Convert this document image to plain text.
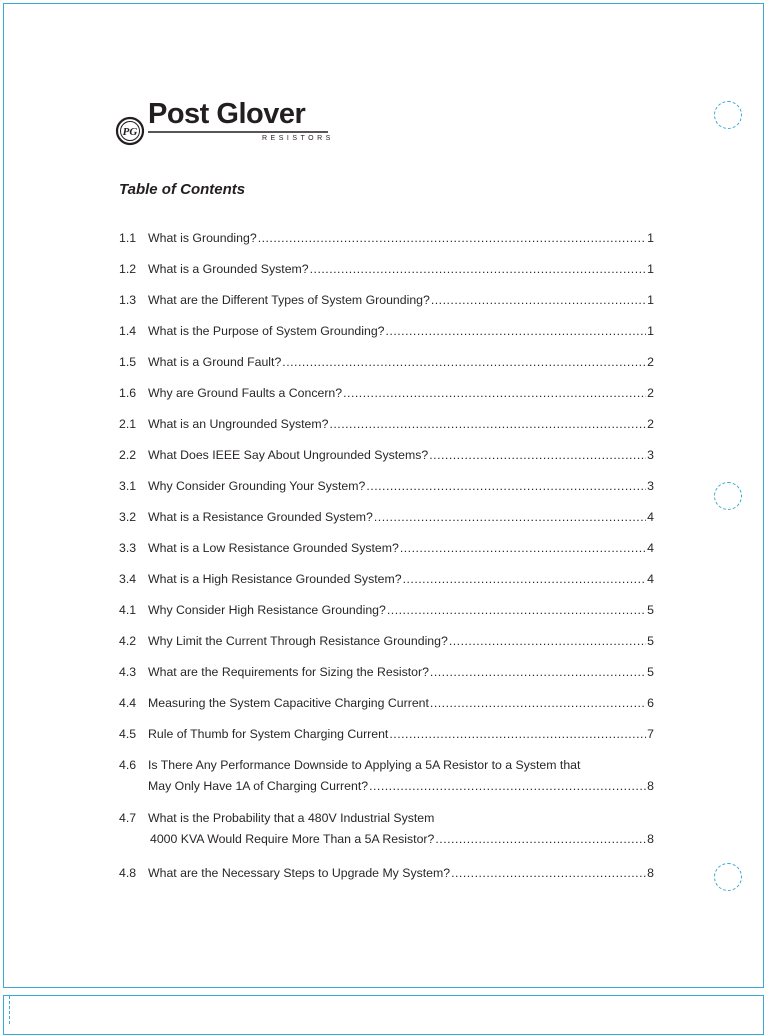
PG
Post Glover
RESISTORS
Table of Contents
1.1 What is Grounding? .....	1
1.2 What is a Grounded System? .....	1
1.3 What are the Different Types of System Grounding? .....	1
1.4 What is the Purpose of System Grounding? .....	1
1.5 What is a Ground Fault? .....	2
1.6 Why are Ground Faults a Concern? .....	2
2.1 What is an Ungrounded System? .....	2
2.2 What Does IEEE Say About Ungrounded Systems? .....	3
3.1 Why Consider Grounding Your System? .....	3
3.2 What is a Resistance Grounded System? .....	4
3.3 What is a Low Resistance Grounded System? .....	4
3.4 What is a High Resistance Grounded System? .....	4
4.1 Why Consider High Resistance Grounding? .....	5
4.2 Why Limit the Current Through Resistance Grounding? .....	5
4.3 What are the Requirements for Sizing the Resistor? .....	5
4.4 Measuring the System Capacitive Charging Current .....	6
4.5 Rule of Thumb for System Charging Current .....	7
4.6 Is There Any Performance Downside to Applying a 5A Resistor to a System that
May Only Have 1A of Charging Current? .....	8
4.7 What is the Probability that a 480V Industrial System
4000 KVA Would Require More Than a 5A Resistor? .....	8
4.8 What are the Necessary Steps to Upgrade My System? .....	8
